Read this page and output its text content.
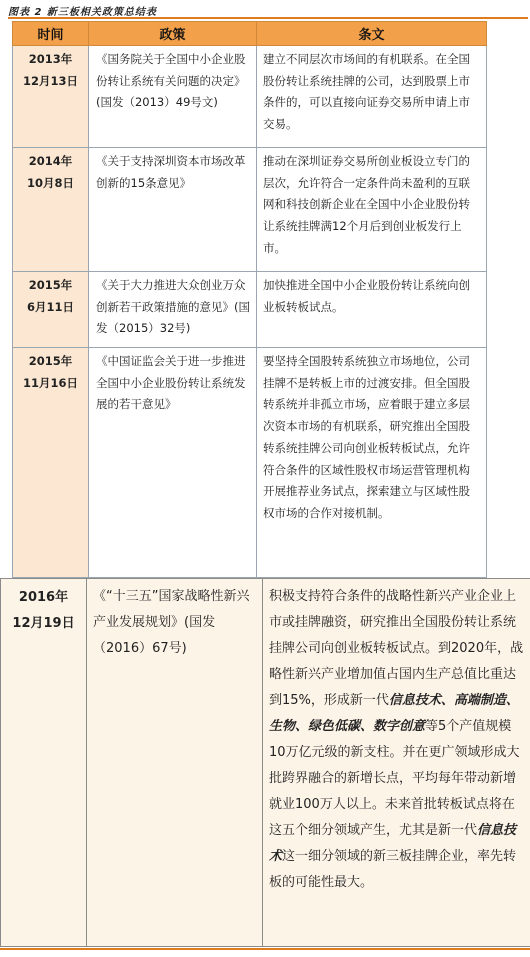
图表 2 新三板相关政策总结表
时间	政策	条文

2013年
12月13日	《国务院关于全国中小企业股份转让系统有关问题的决定》(国发（2013）49号文)	建立不同层次市场间的有机联系。在全国股份转让系统挂牌的公司，达到股票上市条件的，可以直接向证券交易所申请上市交易。

2014年
10月8日	《关于支持深圳资本市场改革创新的15条意见》	推动在深圳证券交易所创业板设立专门的层次，允许符合一定条件尚未盈利的互联网和科技创新企业在全国中小企业股份转让系统挂牌满12个月后到创业板发行上市。

2015年
6月11日	《关于大力推进大众创业万众创新若干政策措施的意见》(国发（2015）32号)	加快推进全国中小企业股份转让系统向创业板转板试点。

2015年
11月16日	《中国证监会关于进一步推进全国中小企业股份转让系统发展的若干意见》	要坚持全国股转系统独立市场地位，公司挂牌不是转板上市的过渡安排。但全国股转系统并非孤立市场，应着眼于建立多层次资本市场的有机联系，研究推出全国股转系统挂牌公司向创业板转板试点，允许符合条件的区域性股权市场运营管理机构开展推荐业务试点，探索建立与区域性股权市场的合作对接机制。
2016年
12月19日
	《“十三五”国家战略性新兴产业发展规划》(国发（2016）67号)	积极支持符合条件的战略性新兴产业企业上市或挂牌融资，研究推出全国股份转让系统挂牌公司向创业板转板试点。到2020年，战略性新兴产业增加值占国内生产总值比重达到15%，形成新一代信息技术、高端制造、生物、绿色低碳、数字创意等5个产值规模10万亿元级的新支柱。并在更广领域形成大批跨界融合的新增长点，平均每年带动新增就业100万人以上。未来首批转板试点将在这五个细分领域产生，尤其是新一代信息技术这一细分领域的新三板挂牌企业，率先转板的可能性最大。
